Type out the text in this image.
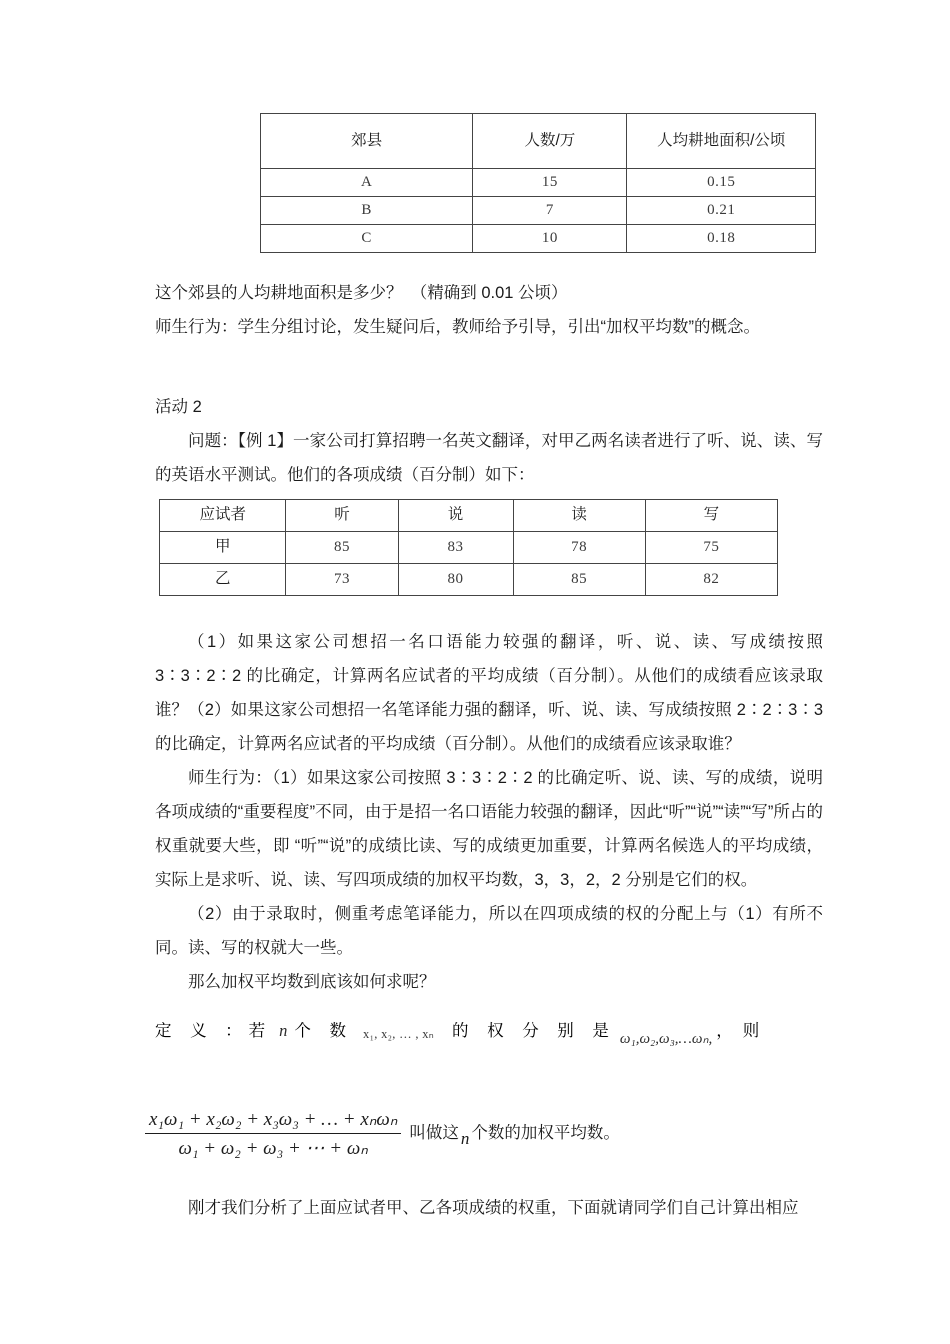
郊县	人数/万	人均耕地面积/公顷
A	15	0.15
B	7	0.21
C	10	0.18
这个郊县的人均耕地面积是多少？　（精确到 0.01 公顷）
师生行为：学生分组讨论，发生疑问后，教师给予引导，引出“加权平均数”的概念。
活动 2
问题：【例 1】一家公司打算招聘一名英文翻译，对甲乙两名读者进行了听、说、读、写的英语水平测试。他们的各项成绩（百分制）如下：
应试者	听	说	读	写
甲	85	83	78	75
乙	73	80	85	82
（1）如果这家公司想招一名口语能力较强的翻译，听、说、读、写成绩按照 3∶3∶2∶2 的比确定，计算两名应试者的平均成绩（百分制）。从他们的成绩看应该录取谁？ （2）如果这家公司想招一名笔译能力强的翻译，听、说、读、写成绩按照 2∶2∶3∶3 的比确定，计算两名应试者的平均成绩（百分制）。从他们的成绩看应该录取谁？
师生行为：（1）如果这家公司按照 3∶3∶2∶2 的比确定听、说、读、写的成绩，说明各项成绩的“重要程度”不同，由于是招一名口语能力较强的翻译，因此“听”“说”“读”“写”所占的权重就要大些，即 “听”“说”的成绩比读、写的成绩更加重要，计算两名候选人的平均成绩，实际上是求听、说、读、写四项成绩的加权平均数，3，3，2，2 分别是它们的权。
（2）由于录取时，侧重考虑笔译能力，所以在四项成绩的权的分配上与（1）有所不同。读、写的权就大一些。
那么加权平均数到底该如何求呢？
定 义 ：若 n 个 数 x₁, x₂, … , xₙ 的 权 分 别 是 ω₁,ω₂,ω₃,…ωₙ, ， 则
$\frac{\text{x₁ω₁ + x₂ω₂ + x₃ω₃ + … + xₙωₙ}}{\text{ω₁ + ω₂ + ω₃ + ⋯ + ωₙ}}$ 叫做这 n 个数的加权平均数。
刚才我们分析了上面应试者甲、乙各项成绩的权重，下面就请同学们自己计算出相应
